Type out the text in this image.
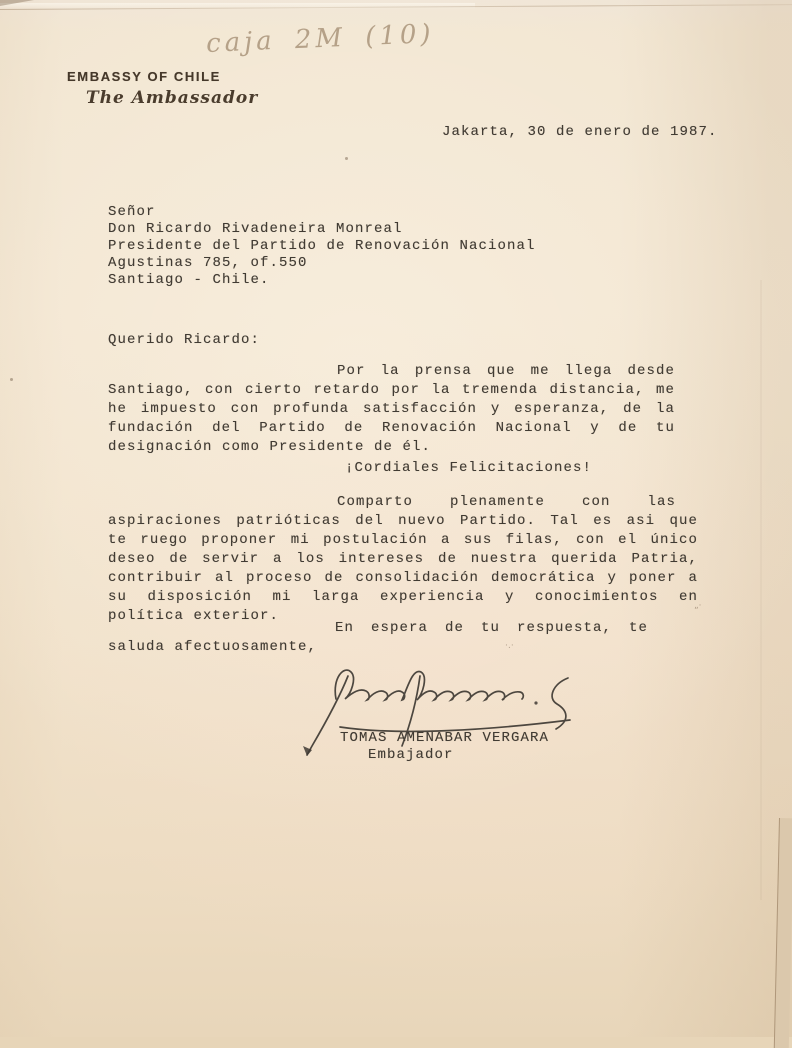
caja 2M (10)
EMBASSY OF CHILE
The Ambassador
Jakarta, 30 de enero de 1987.
Señor
Don Ricardo Rivadeneira Monreal
Presidente del Partido de Renovación Nacional
Agustinas 785, of.550
Santiago - Chile.
Querido Ricardo:
Por la prensa que me llega desde
Santiago, con cierto retardo por la tremenda distancia, me
he impuesto con profunda satisfacción y esperanza, de la
fundación del Partido de Renovación Nacional y de tu
designación como Presidente de él.
¡Cordiales Felicitaciones!
Comparto plenamente con las
aspiraciones patrióticas del nuevo Partido. Tal es asi que
te ruego proponer mi postulación a sus filas, con el único
deseo de servir a los intereses de nuestra querida Patria,
contribuir al proceso de consolidación democrática y poner a
su disposición mi larga experiencia y conocimientos en
política exterior.
En espera de tu respuesta, te
saluda afectuosamente,
TOMAS AMENABAR VERGARA
Embajador
„·
·․·
